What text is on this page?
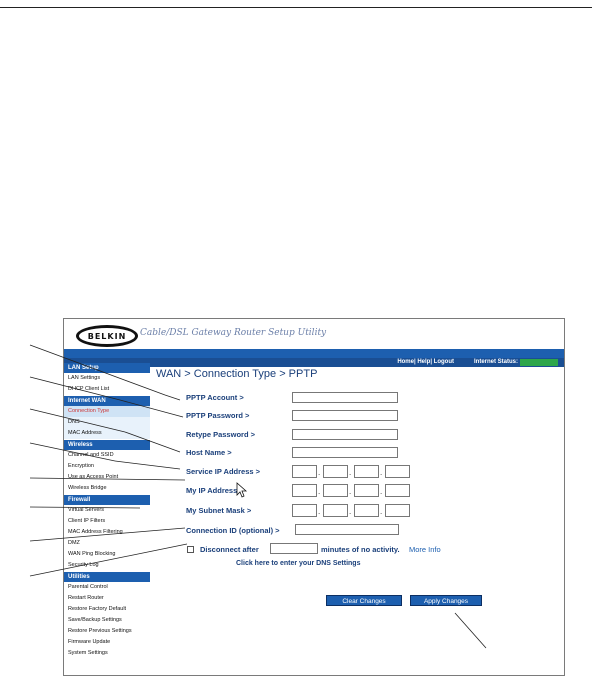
BELKIN Cable/DSL Gateway Router Setup Utility
Home| Help| Logout	Internet Status:
LAN Setup
LAN Settings
DHCP Client List
Internet WAN
Connection Type
DNS
MAC Address
Wireless
Channel and SSID
Encryption
Use as Access Point
Wireless Bridge
Firewall
Virtual Servers
Client IP Filters
MAC Address Filtering
DMZ
WAN Ping Blocking
Security Log
Utilities
Parental Control
Restart Router
Restore Factory Default
Save/Backup Settings
Restore Previous Settings
Firmware Update
System Settings
WAN > Connection Type > PPTP
PPTP Account >
PPTP Password >
Retype Password >
Host Name >
Service IP Address >	.	.	.
My IP Address	.	.	.
My Subnet Mask >	.	.	.
Connection ID (optional) >
Disconnect after	minutes of no activity. More Info
Click here to enter your DNS Settings
Clear Changes	Apply Changes
